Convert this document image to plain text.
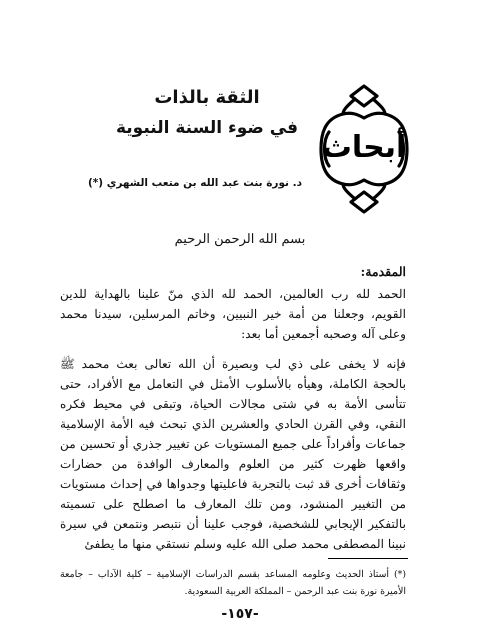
أبحاث
الثقة بالذات
في ضوء السنة النبوية
د. نورة بنت عبد الله بن متعب الشهري (*)
بسم الله الرحمن الرحيم
المقدمة:

الحمد لله رب العالمين، الحمد لله الذي منّ علينا بالهداية للدين القويم، وجعلنا من أمة خير النبيين، وخاتم المرسلين، سيدنا محمد وعلى آله وصحبه أجمعين أما بعد:

فإنه لا يخفى على ذي لب وبصيرة أن الله تعالى بعث محمد ﷺ بالحجة الكاملة، وهيأه بالأسلوب الأمثل في التعامل مع الأفراد، حتى تتأسى الأمة به في شتى مجالات الحياة، وتبقى في محيط فكره النقي، وفي القرن الحادي والعشرين الذي تبحث فيه الأمة الإسلامية جماعات وأفراداً على جميع المستويات عن تغيير جذري أو تحسين من واقعها ظهرت كثير من العلوم والمعارف الوافدة من حضارات وثقافات أخرى قد ثبت بالتجربة فاعليتها وجدواها في إحداث مستويات من التغيير المنشود، ومن تلك المعارف ما اصطلح على تسميته بالتفكير الإيجابي للشخصية، فوجب علينا أن نتبصر ونتمعن في سيرة نبينا المصطفى محمد صلى الله عليه وسلم نستقي منها ما يطفئ

(*) أستاذ الحديث وعلومه المساعد بقسم الدراسات الإسلامية – كلية الآداب – جامعة الأميرة نورة بنت عبد الرحمن – المملكة العربية السعودية.
-١٥٧-
